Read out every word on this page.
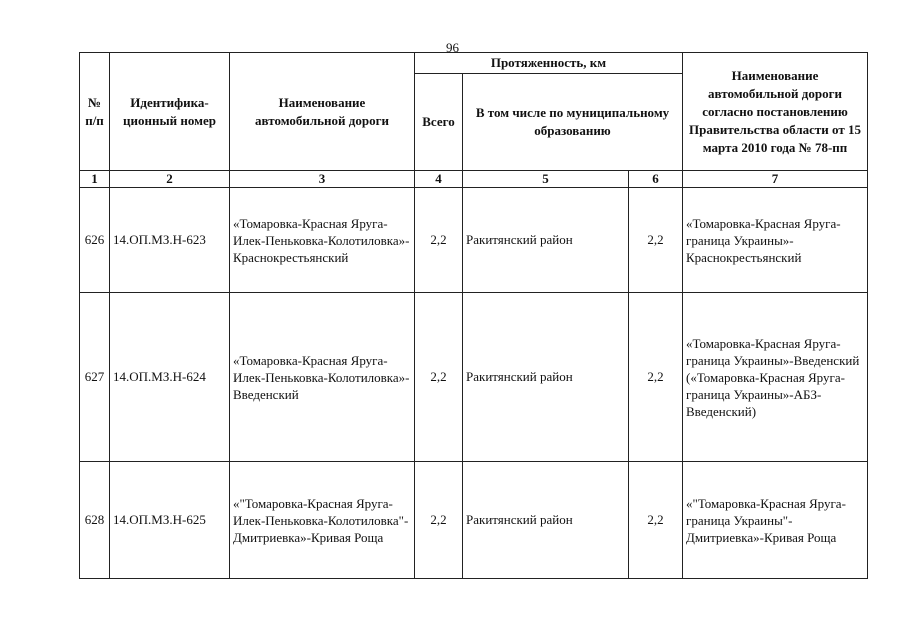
96
№ п/п	Идентифика-ционный номер	Наименование автомобильной дороги	Протяженность, км			Наименование автомобильной дороги согласно постановлению Правительства области от 15 марта 2010 года № 78-пп

			Всего	В том числе по муниципальному образованию		

1	2	3	4	5	6	7
626	14.ОП.МЗ.Н-623	«Томаровка-Красная Яруга-Илек-Пеньковка-Колотиловка»-Краснокрестьянский	2,2	Ракитянский район	2,2	«Томаровка-Красная Яруга-граница Украины»-Краснокрестьянский
627	14.ОП.МЗ.Н-624	«Томаровка-Красная Яруга-Илек-Пеньковка-Колотиловка»-Введенский	2,2	Ракитянский район	2,2	«Томаровка-Красная Яруга-граница Украины»-Введенский («Томаровка-Красная Яруга-граница Украины»-АБЗ-Введенский)
628	14.ОП.МЗ.Н-625	«"Томаровка-Красная Яруга-Илек-Пеньковка-Колотиловка"-Дмитриевка»-Кривая Роща	2,2	Ракитянский район	2,2	«"Томаровка-Красная Яруга-граница Украины"-Дмитриевка»-Кривая Роща
